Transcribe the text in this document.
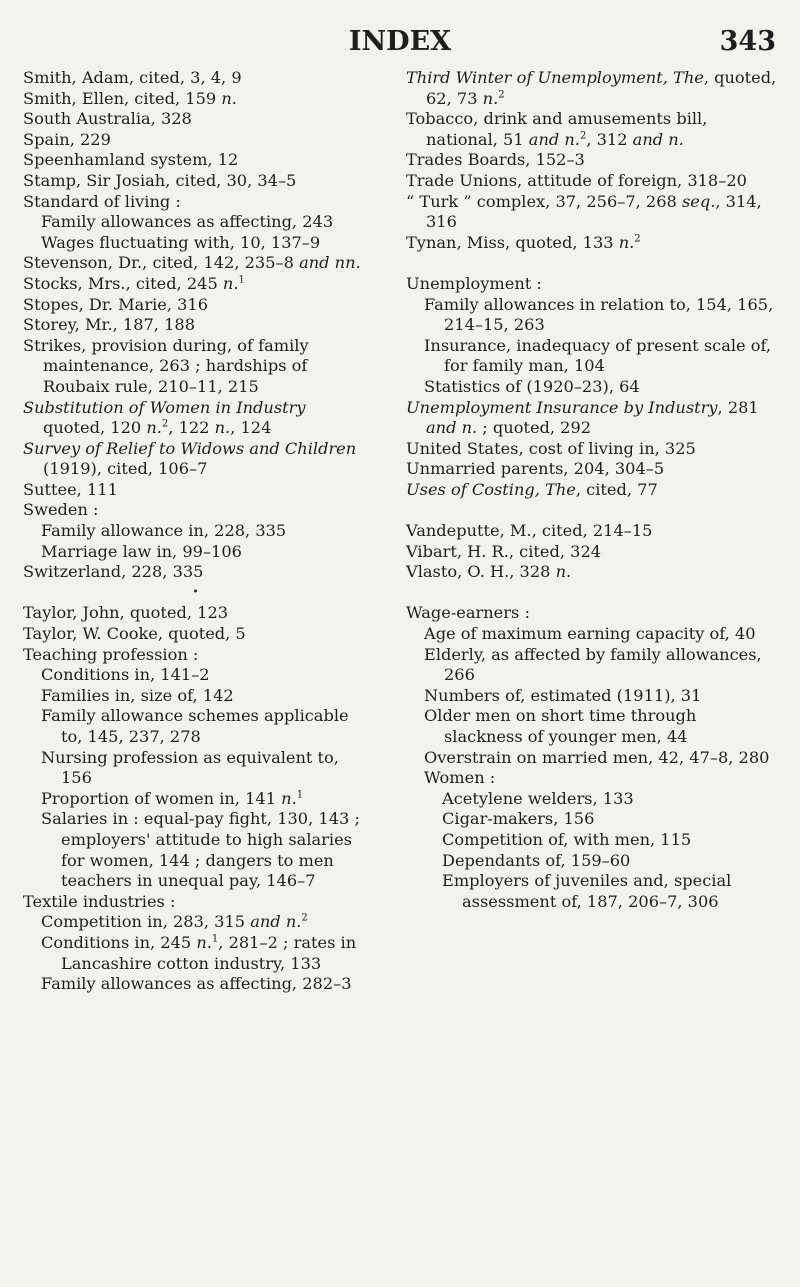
INDEX	343
Smith, Adam, cited, 3, 4, 9
Smith, Ellen, cited, 159 n.
South Australia, 328
Spain, 229
Speenhamland system, 12
Stamp, Sir Josiah, cited, 30, 34–5
Standard of living :
Family allowances as affecting, 243
Wages fluctuating with, 10, 137–9
Stevenson, Dr., cited, 142, 235–8 and nn.
Stocks, Mrs., cited, 245 n.$^1$
Stopes, Dr. Marie, 316
Storey, Mr., 187, 188
Strikes, provision during, of family maintenance, 263 ; hardships of Roubaix rule, 210–11, 215
Substitution of Women in Industry quoted, 120 n.$^2$, 122 n., 124
Survey of Relief to Widows and Children (1919), cited, 106–7
Suttee, 111
Sweden :
Family allowance in, 228, 335
Marriage law in, 99–106
Switzerland, 228, 335
•
Taylor, John, quoted, 123
Taylor, W. Cooke, quoted, 5
Teaching profession :
Conditions in, 141–2
Families in, size of, 142
Family allowance schemes applicable to, 145, 237, 278
Nursing profession as equivalent to, 156
Proportion of women in, 141 n.$^1$
Salaries in : equal-pay fight, 130, 143 ; employers' attitude to high salaries for women, 144 ; dangers to men teachers in unequal pay, 146–7
Textile industries :
Competition in, 283, 315 and n.$^2$
Conditions in, 245 n.$^1$, 281–2 ; rates in Lancashire cotton industry, 133
Family allowances as affecting, 282–3
Third Winter of Unemployment, The, quoted, 62, 73 n.$^2$
Tobacco, drink and amusements bill, national, 51 and n.$^2$, 312 and n.
Trades Boards, 152–3
Trade Unions, attitude of foreign, 318–20
“ Turk ” complex, 37, 256–7, 268 seq., 314, 316
Tynan, Miss, quoted, 133 n.$^2$
Unemployment :
Family allowances in relation to, 154, 165, 214–15, 263
Insurance, inadequacy of present scale of, for family man, 104
Statistics of (1920–23), 64
Unemployment Insurance by Industry, 281 and n. ; quoted, 292
United States, cost of living in, 325
Unmarried parents, 204, 304–5
Uses of Costing, The, cited, 77
Vandeputte, M., cited, 214–15
Vibart, H. R., cited, 324
Vlasto, O. H., 328 n.
Wage-earners :
Age of maximum earning capacity of, 40
Elderly, as affected by family allowances, 266
Numbers of, estimated (1911), 31
Older men on short time through slackness of younger men, 44
Overstrain on married men, 42, 47–8, 280
Women :
Acetylene welders, 133
Cigar-makers, 156
Competition of, with men, 115
Dependants of, 159–60
Employers of juveniles and, special assessment of, 187, 206–7, 306
